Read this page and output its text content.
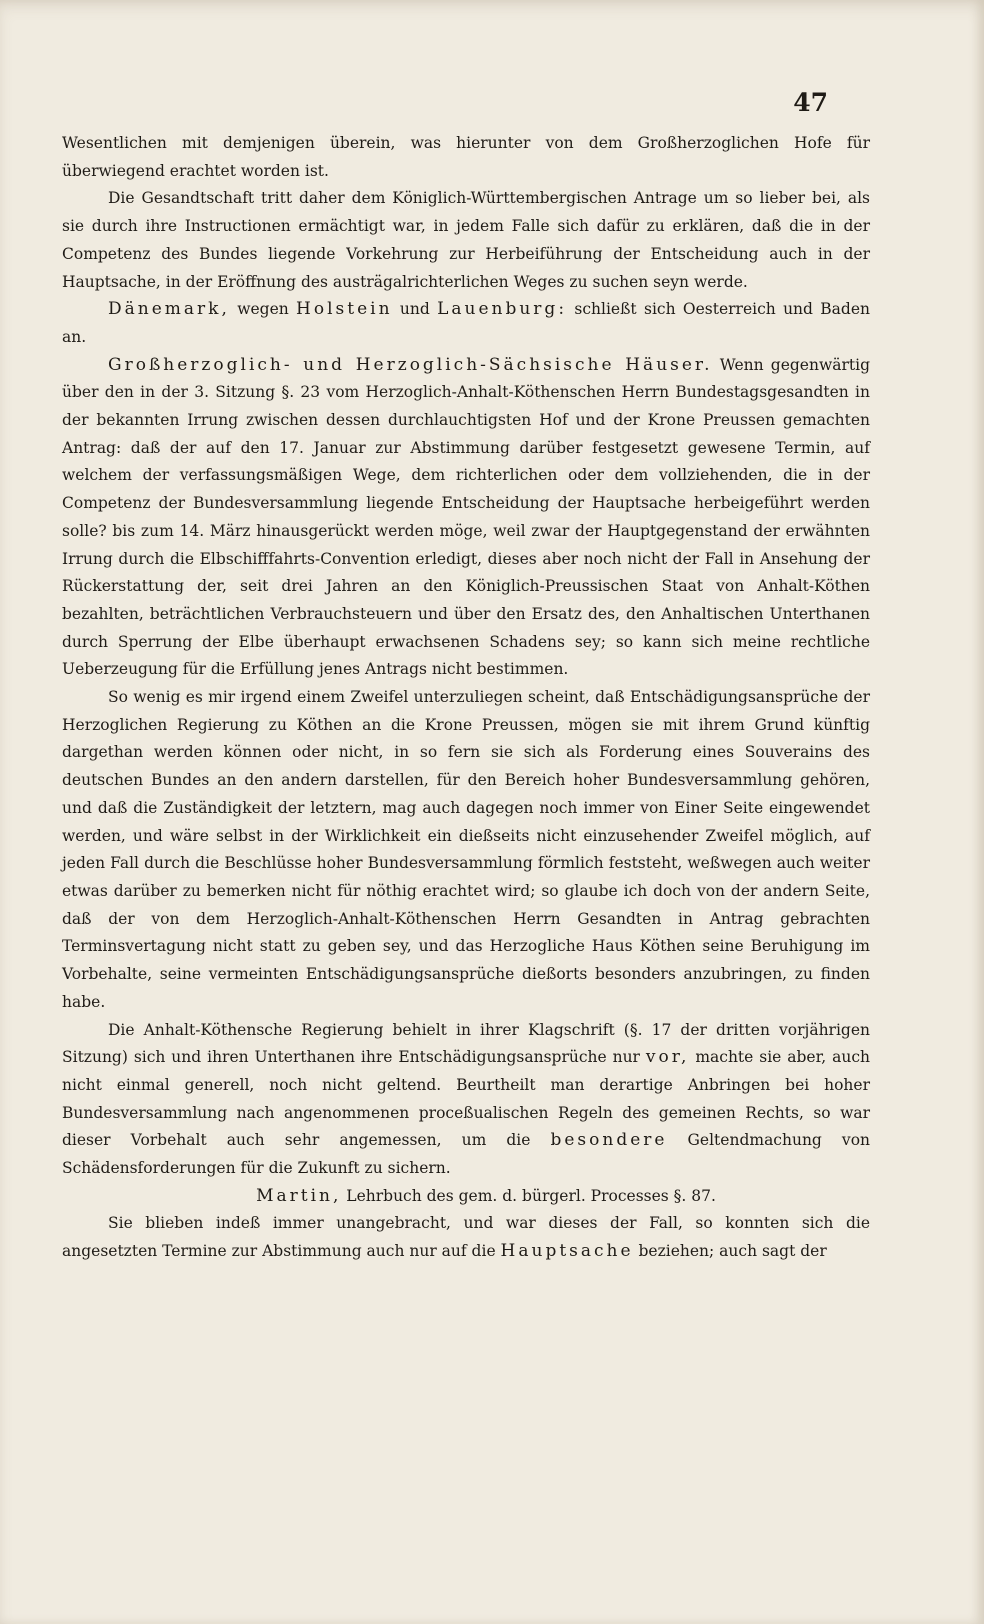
47

Wesentlichen mit demjenigen überein, was hierunter von dem Großherzoglichen Hofe für überwiegend erachtet worden ist.

Die Gesandtschaft tritt daher dem Königlich-Württembergischen Antrage um so lieber bei, als sie durch ihre Instructionen ermächtigt war, in jedem Falle sich dafür zu erklären, daß die in der Competenz des Bundes liegende Vorkehrung zur Herbeiführung der Entscheidung auch in der Hauptsache, in der Eröffnung des austrägalrichterlichen Weges zu suchen seyn werde.

Dänemark, wegen Holstein und Lauenburg: schließt sich Oesterreich und Baden an.

Großherzoglich- und Herzoglich-Sächsische Häuser. Wenn gegenwärtig über den in der 3. Sitzung §. 23 vom Herzoglich-Anhalt-Köthenschen Herrn Bundestagsgesandten in der bekannten Irrung zwischen dessen durchlauchtigsten Hof und der Krone Preussen gemachten Antrag: daß der auf den 17. Januar zur Abstimmung darüber festgesetzt gewesene Termin, auf welchem der verfassungsmäßigen Wege, dem richterlichen oder dem vollziehenden, die in der Competenz der Bundesversammlung liegende Entscheidung der Hauptsache herbeigeführt werden solle? bis zum 14. März hinausgerückt werden möge, weil zwar der Hauptgegenstand der erwähnten Irrung durch die Elbschifffahrts-Convention erledigt, dieses aber noch nicht der Fall in Ansehung der Rückerstattung der, seit drei Jahren an den Königlich-Preussischen Staat von Anhalt-Köthen bezahlten, beträchtlichen Verbrauchsteuern und über den Ersatz des, den Anhaltischen Unterthanen durch Sperrung der Elbe überhaupt erwachsenen Schadens sey; so kann sich meine rechtliche Ueberzeugung für die Erfüllung jenes Antrags nicht bestimmen.

So wenig es mir irgend einem Zweifel unterzuliegen scheint, daß Entschädigungsansprüche der Herzoglichen Regierung zu Köthen an die Krone Preussen, mögen sie mit ihrem Grund künftig dargethan werden können oder nicht, in so fern sie sich als Forderung eines Souverains des deutschen Bundes an den andern darstellen, für den Bereich hoher Bundesversammlung gehören, und daß die Zuständigkeit der letztern, mag auch dagegen noch immer von Einer Seite eingewendet werden, und wäre selbst in der Wirklichkeit ein dießseits nicht einzusehender Zweifel möglich, auf jeden Fall durch die Beschlüsse hoher Bundesversammlung förmlich feststeht, weßwegen auch weiter etwas darüber zu bemerken nicht für nöthig erachtet wird; so glaube ich doch von der andern Seite, daß der von dem Herzoglich-Anhalt-Köthenschen Herrn Gesandten in Antrag gebrachten Terminsvertagung nicht statt zu geben sey, und das Herzogliche Haus Köthen seine Beruhigung im Vorbehalte, seine vermeinten Entschädigungsansprüche dießorts besonders anzubringen, zu finden habe.

Die Anhalt-Köthensche Regierung behielt in ihrer Klagschrift (§. 17 der dritten vorjährigen Sitzung) sich und ihren Unterthanen ihre Entschädigungsansprüche nur vor, machte sie aber, auch nicht einmal generell, noch nicht geltend. Beurtheilt man derartige Anbringen bei hoher Bundesversammlung nach angenommenen proceßualischen Regeln des gemeinen Rechts, so war dieser Vorbehalt auch sehr angemessen, um die besondere Geltendmachung von Schädensforderungen für die Zukunft zu sichern.

Martin, Lehrbuch des gem. d. bürgerl. Processes §. 87.

Sie blieben indeß immer unangebracht, und war dieses der Fall, so konnten sich die angesetzten Termine zur Abstimmung auch nur auf die Hauptsache beziehen; auch sagt der
